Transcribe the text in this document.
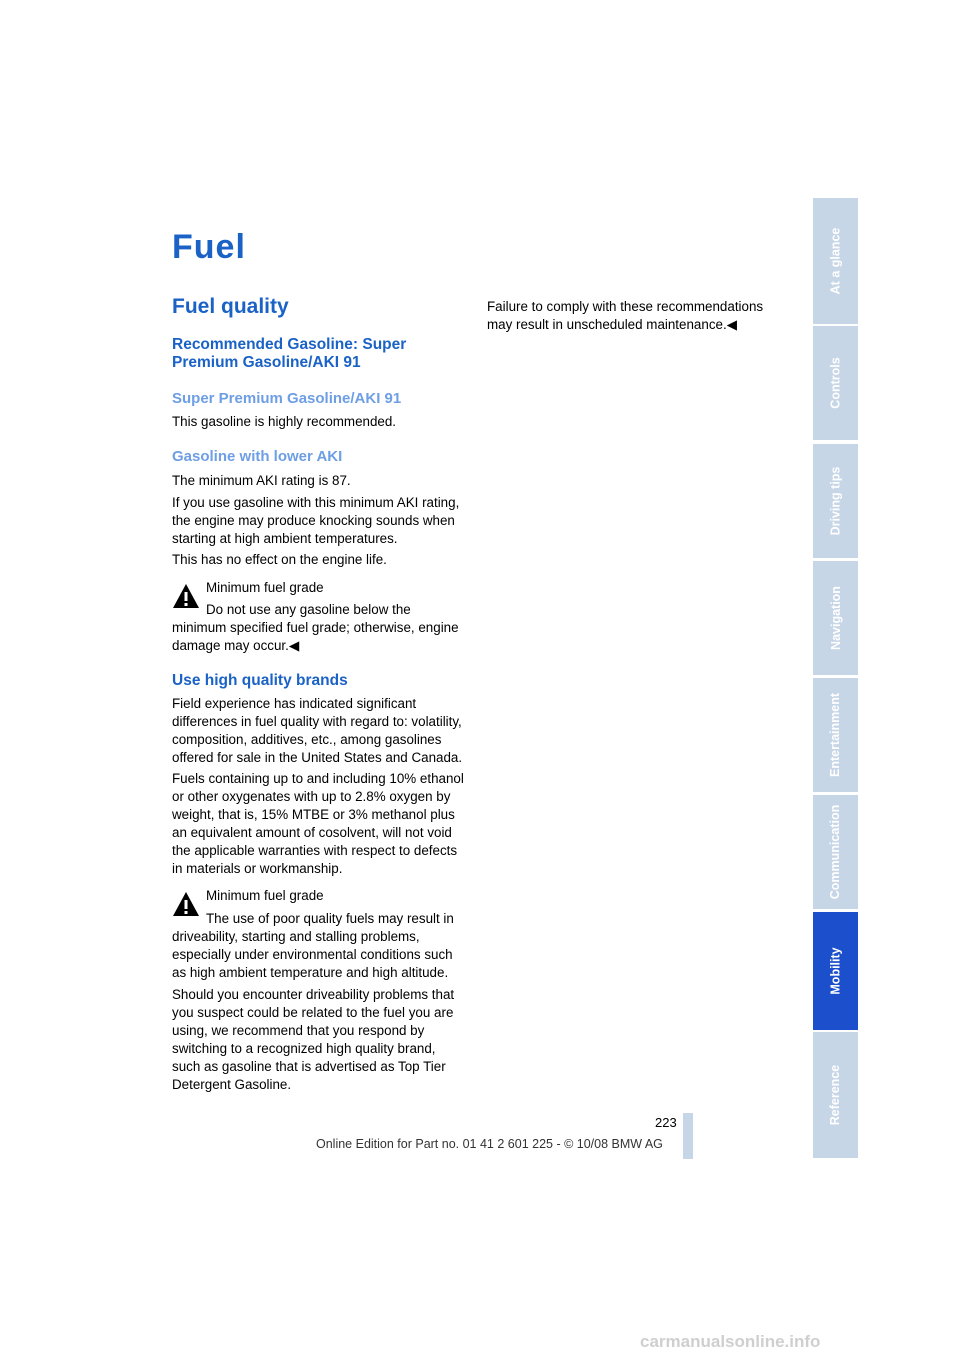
Fuel
Fuel quality
Recommended Gasoline: Super Premium Gasoline/AKI 91
Super Premium Gasoline/AKI 91
This gasoline is highly recommended.
Gasoline with lower AKI
The minimum AKI rating is 87.
If you use gasoline with this minimum AKI rating, the engine may produce knocking sounds when starting at high ambient temperatures.
This has no effect on the engine life.
Minimum fuel grade
Do not use any gasoline below the minimum specified fuel grade; otherwise, engine damage may occur.◀
Use high quality brands
Field experience has indicated significant differences in fuel quality with regard to: volatility, composition, additives, etc., among gasolines offered for sale in the United States and Canada.
Fuels containing up to and including 10% ethanol or other oxygenates with up to 2.8% oxygen by weight, that is, 15% MTBE or 3% methanol plus an equivalent amount of cosolvent, will not void the applicable warranties with respect to defects in materials or workmanship.
Minimum fuel grade
The use of poor quality fuels may result in driveability, starting and stalling problems, especially under environmental conditions such as high ambient temperature and high altitude.
Should you encounter driveability problems that you suspect could be related to the fuel you are using, we recommend that you respond by switching to a recognized high quality brand, such as gasoline that is advertised as Top Tier Detergent Gasoline.
Failure to comply with these recommendations may result in unscheduled maintenance.◀
At a glance
Controls
Driving tips
Navigation
Entertainment
Communication
Mobility
Reference
223
Online Edition for Part no. 01 41 2 601 225 - © 10/08 BMW AG
carmanualsonline.info
